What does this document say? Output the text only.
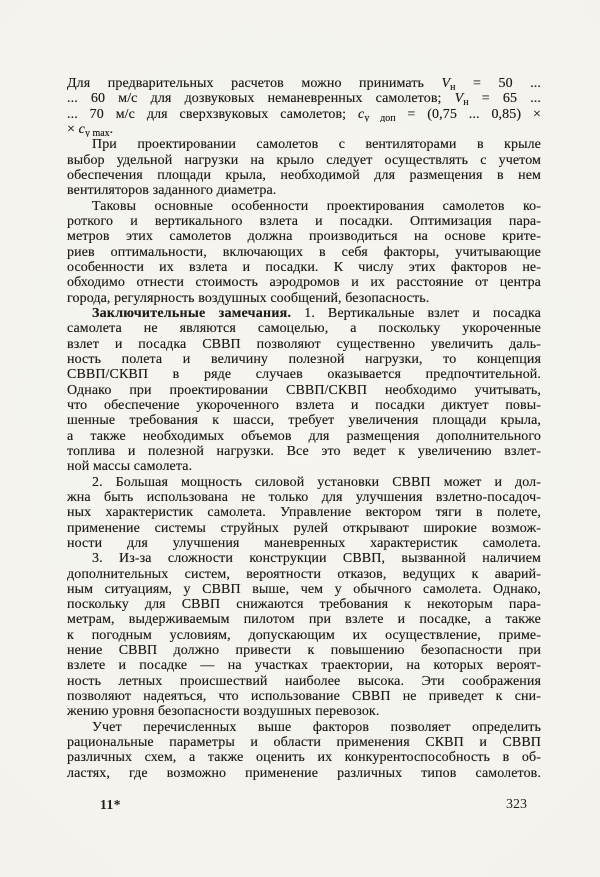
Для предварительных расчетов можно принимать $V_н = 50$ ...
... 60 м/с для дозвуковых неманевренных самолетов; $V_н = 65$ ...
... 70 м/с для сверхзвуковых самолетов; $c_{у доп} = (0,75$ ... 0,85) ×
× $c_{у max}$.
При проектировании самолетов с вентиляторами в крыле
выбор удельной нагрузки на крыло следует осуществлять с учетом
обеспечения площади крыла, необходимой для размещения в нем
вентиляторов заданного диаметра.
Таковы основные особенности проектирования самолетов ко-
роткого и вертикального взлета и посадки. Оптимизация пара-
метров этих самолетов должна производиться на основе крите-
риев оптимальности, включающих в себя факторы, учитывающие
особенности их взлета и посадки. К числу этих факторов не-
обходимо отнести стоимость аэродромов и их расстояние от центра
города, регулярность воздушных сообщений, безопасность.
Заключительные замечания. 1. Вертикальные взлет и посадка
самолета не являются самоцелью, а поскольку укороченные
взлет и посадка СВВП позволяют существенно увеличить даль-
ность полета и величину полезной нагрузки, то концепция
СВВП/СКВП в ряде случаев оказывается предпочтительной.
Однако при проектировании СВВП/СКВП необходимо учитывать,
что обеспечение укороченного взлета и посадки диктует повы-
шенные требования к шасси, требует увеличения площади крыла,
а также необходимых объемов для размещения дополнительного
топлива и полезной нагрузки. Все это ведет к увеличению взлет-
ной массы самолета.
2. Большая мощность силовой установки СВВП может и дол-
жна быть использована не только для улучшения взлетно-посадоч-
ных характеристик самолета. Управление вектором тяги в полете,
применение системы струйных рулей открывают широкие возмож-
ности для улучшения маневренных характеристик самолета.
3. Из-за сложности конструкции СВВП, вызванной наличием
дополнительных систем, вероятности отказов, ведущих к аварий-
ным ситуациям, у СВВП выше, чем у обычного самолета. Однако,
поскольку для СВВП снижаются требования к некоторым пара-
метрам, выдерживаемым пилотом при взлете и посадке, а также
к погодным условиям, допускающим их осуществление, приме-
нение СВВП должно привести к повышению безопасности при
взлете и посадке — на участках траектории, на которых вероят-
ность летных происшествий наиболее высока. Эти соображения
позволяют надеяться, что использование СВВП не приведет к сни-
жению уровня безопасности воздушных перевозок.
Учет перечисленных выше факторов позволяет определить
рациональные параметры и области применения СКВП и СВВП
различных схем, а также оценить их конкурентоспособность в об-
ластях, где возможно применение различных типов самолетов.
11*	323
